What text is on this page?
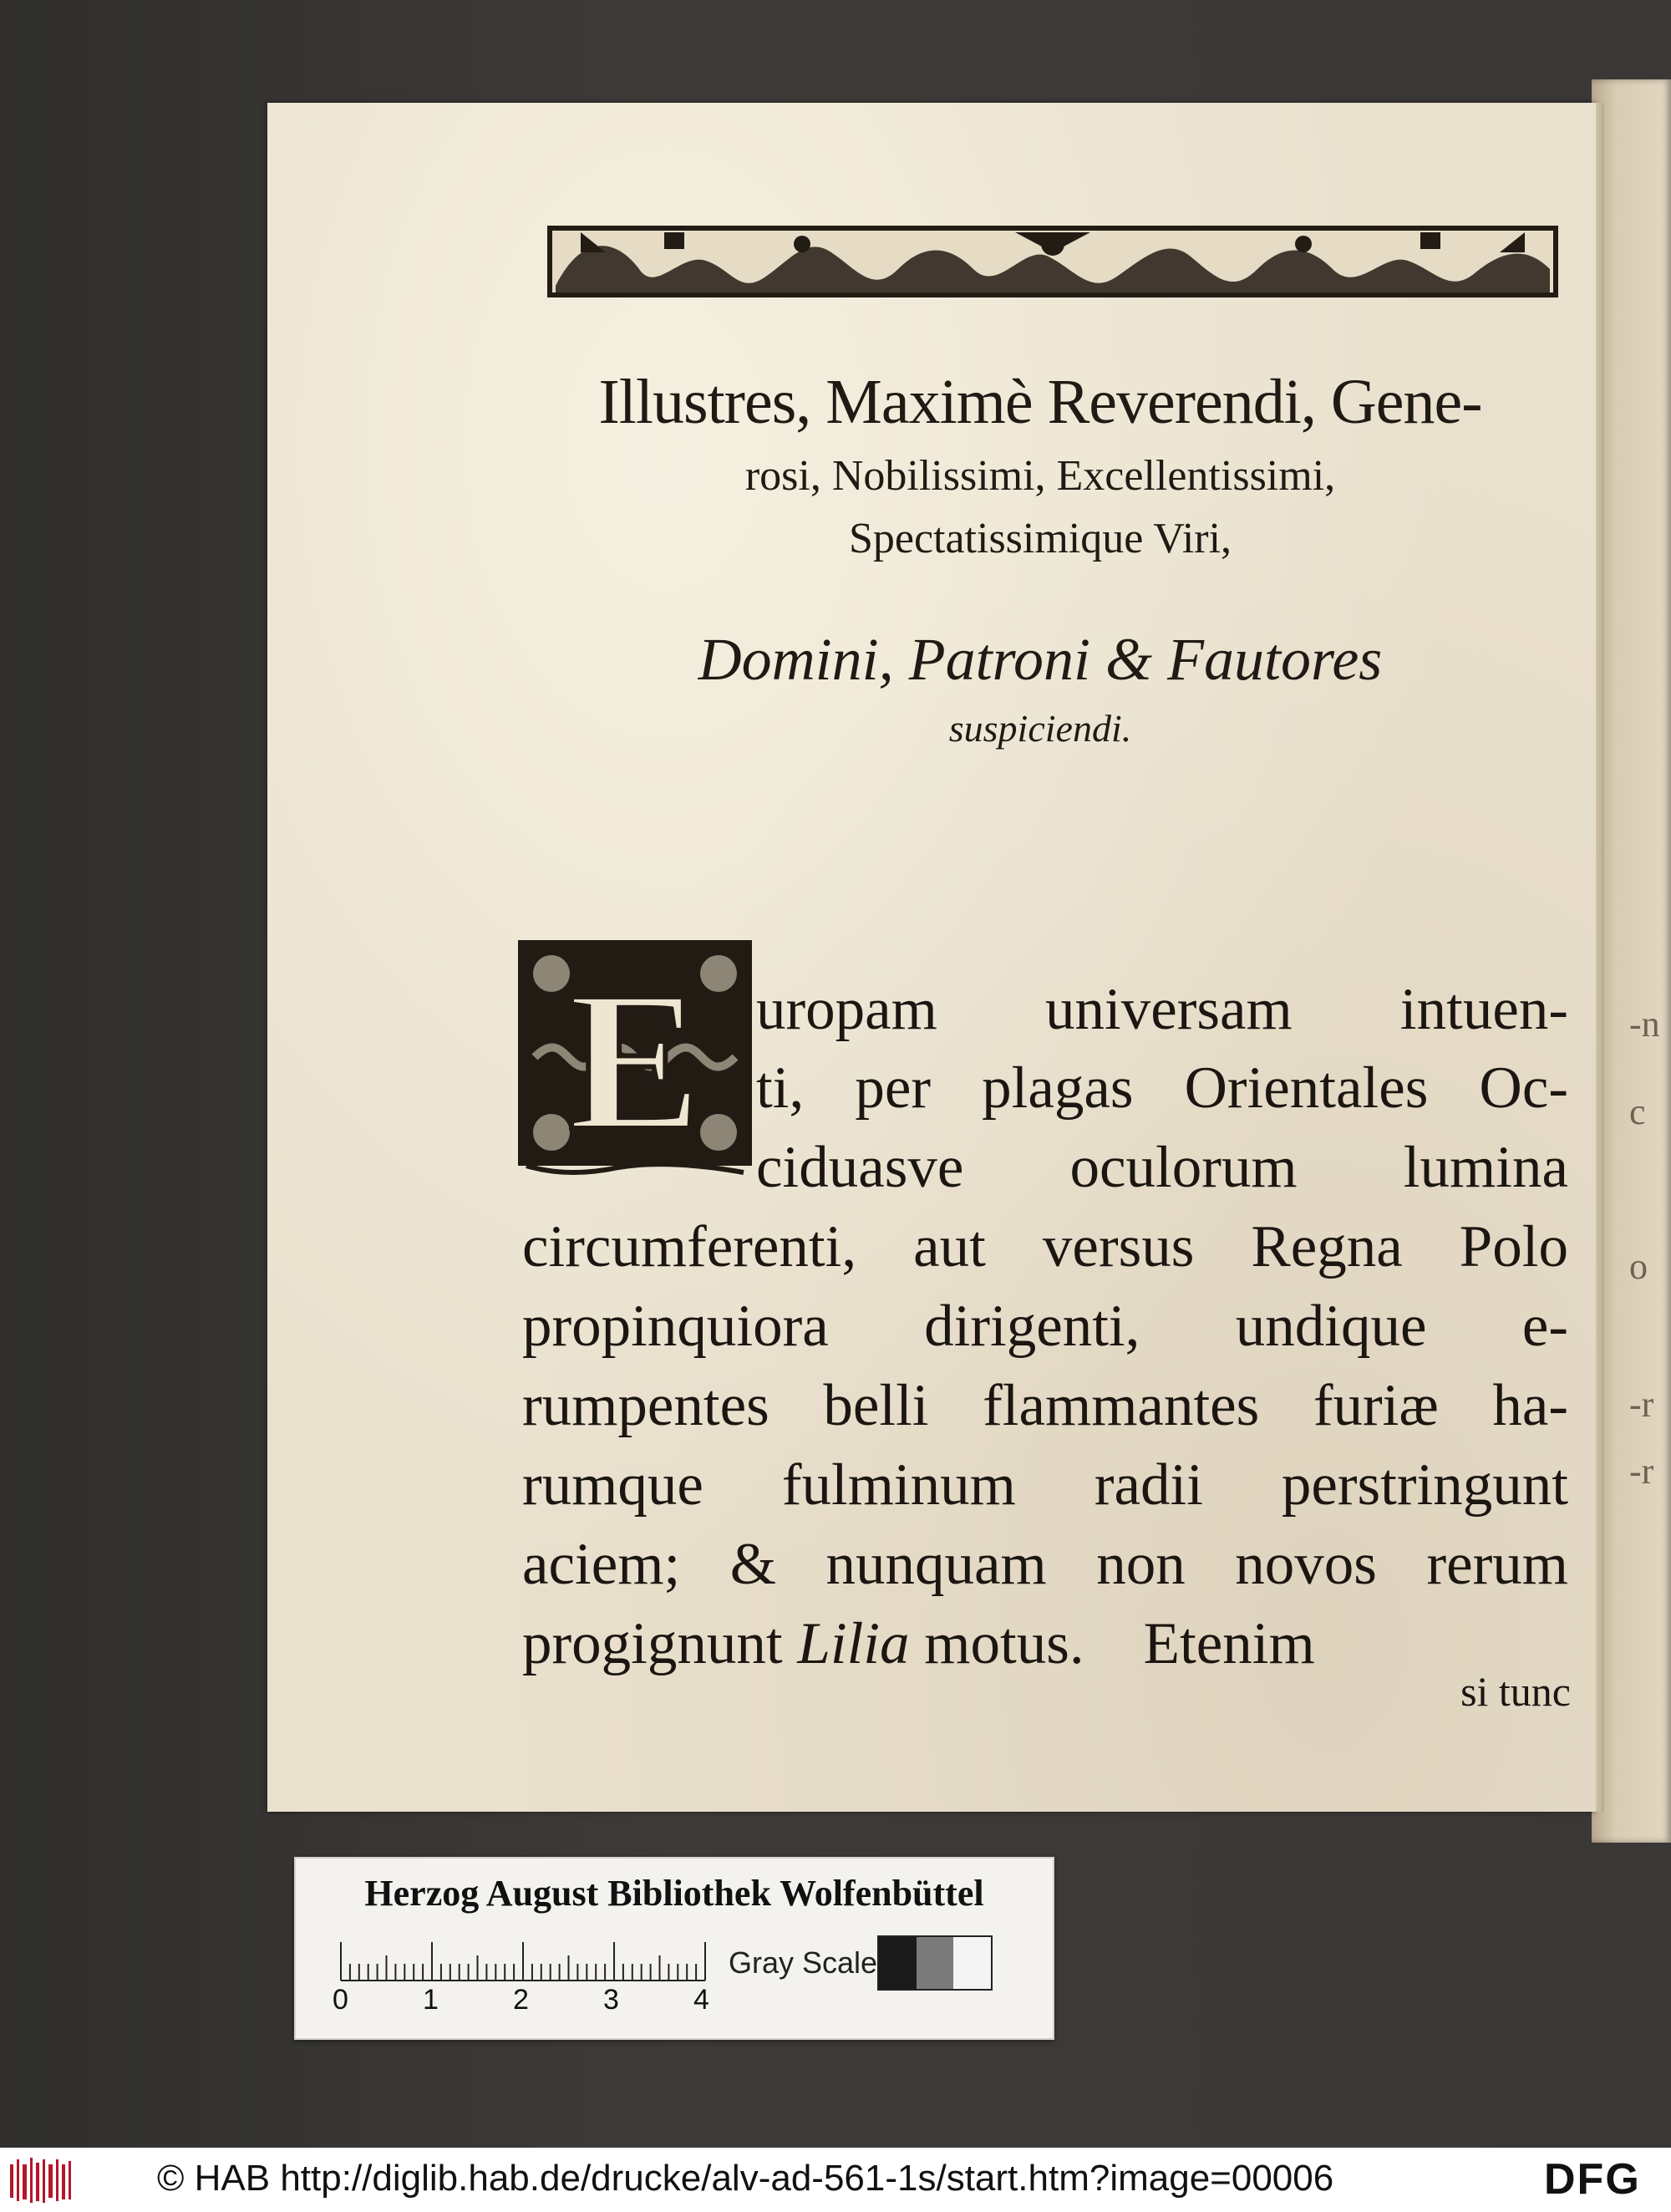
-n
c
o
-r
-r
Illustres, Maximè Reverendi, Gene-
rosi, Nobilissimi, Excellentissimi,
Spectatissimique Viri,
Domini, Patroni & Fautores
suspiciendi.
E uropam universam intuen-
ti, per plagas Orientales Oc-
ciduasve oculorum lumina
circumferenti, aut versus Regna Polo
propinquiora dirigenti, undique e-
rumpentes belli flammantes furiæ ha-
rumque fulminum radii perstringunt
aciem; & nunquam non novos rerum
progignunt Lilia motus.    Etenim
si tunc
Herzog August Bibliothek Wolfenbüttel
0	1	2	3	4
Gray Scale
© HAB http://diglib.hab.de/drucke/alv-ad-561-1s/start.htm?image=00006	DFG
